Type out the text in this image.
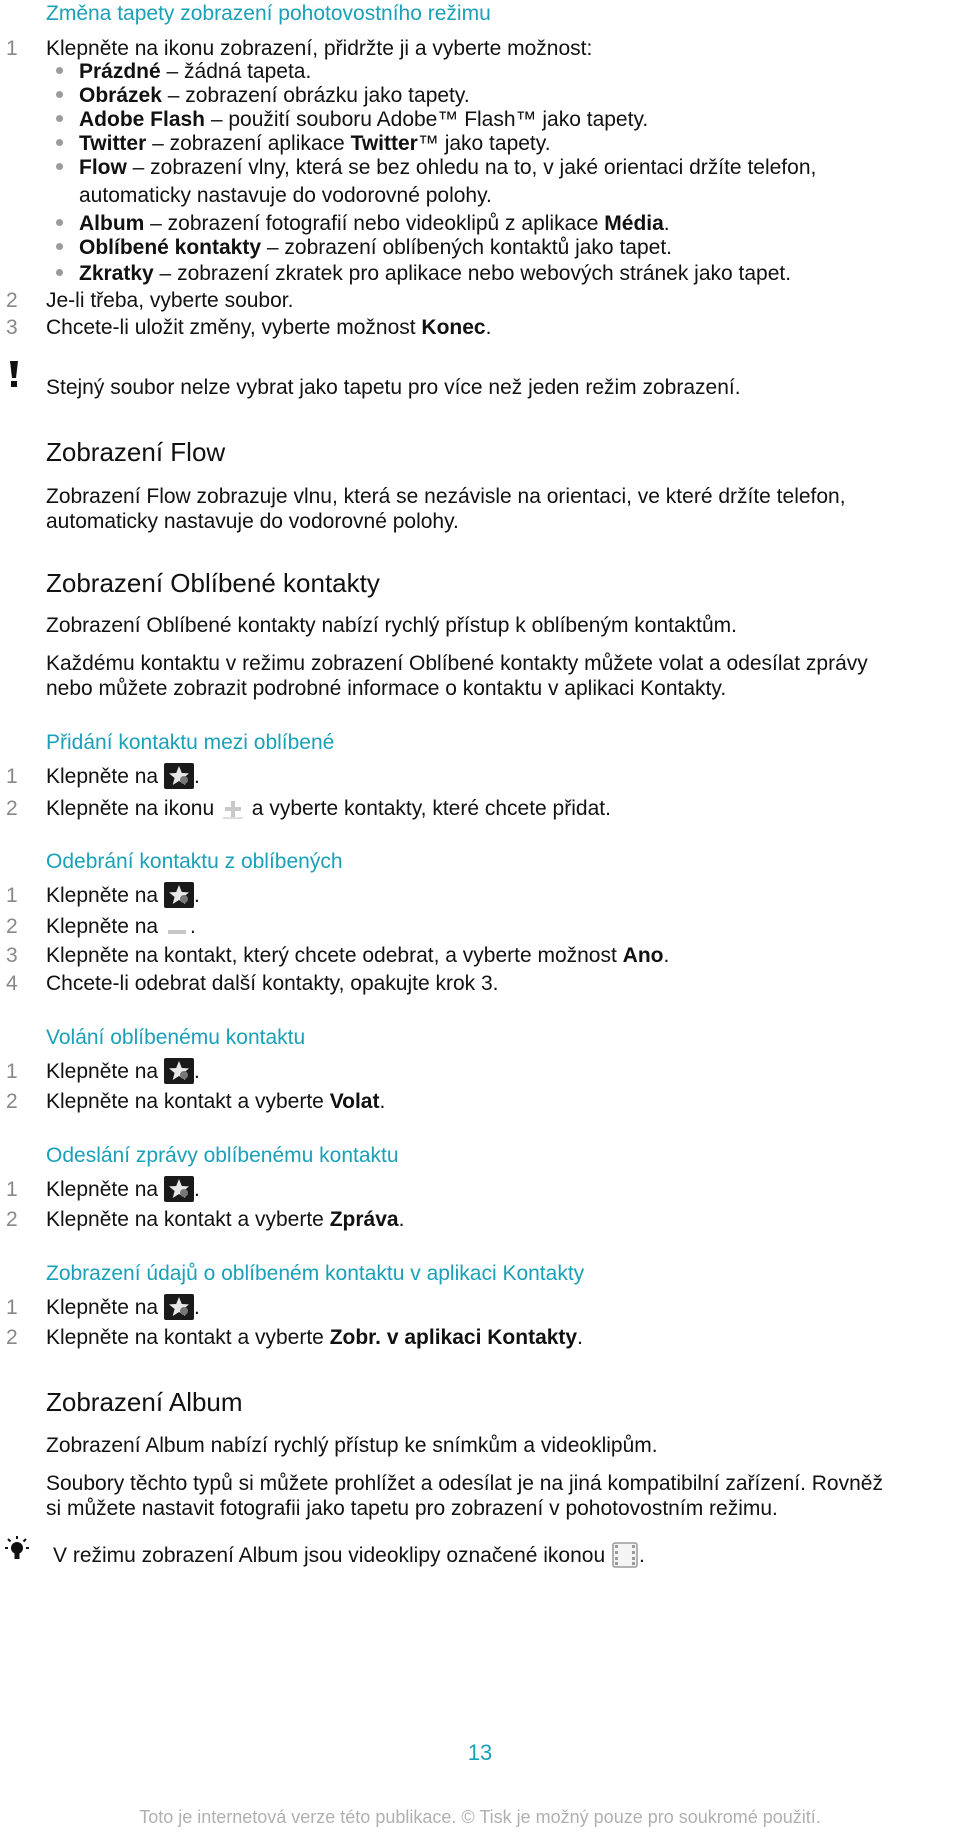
Změna tapety zobrazení pohotovostního režimu
1	Klepněte na ikonu zobrazení, přidržte ji a vyberte možnost:
Prázdné – žádná tapeta.
Obrázek – zobrazení obrázku jako tapety.
Adobe Flash – použití souboru Adobe™ Flash™ jako tapety.
Twitter – zobrazení aplikace Twitter™ jako tapety.
Flow – zobrazení vlny, která se bez ohledu na to, v jaké orientaci držíte telefon,
automaticky nastavuje do vodorovné polohy.
Album – zobrazení fotografií nebo videoklipů z aplikace Média.
Oblíbené kontakty – zobrazení oblíbených kontaktů jako tapet.
Zkratky – zobrazení zkratek pro aplikace nebo webových stránek jako tapet.
2	Je-li třeba, vyberte soubor.
3	Chcete-li uložit změny, vyberte možnost Konec.
Stejný soubor nelze vybrat jako tapetu pro více než jeden režim zobrazení.
Zobrazení Flow
Zobrazení Flow zobrazuje vlnu, která se nezávisle na orientaci, ve které držíte telefon,
automaticky nastavuje do vodorovné polohy.
Zobrazení Oblíbené kontakty
Zobrazení Oblíbené kontakty nabízí rychlý přístup k oblíbeným kontaktům.
Každému kontaktu v režimu zobrazení Oblíbené kontakty můžete volat a odesílat zprávy
nebo můžete zobrazit podrobné informace o kontaktu v aplikaci Kontakty.
Přidání kontaktu mezi oblíbené
1	Klepněte na
.
2	Klepněte na ikonu  a vyberte kontakty, které chcete přidat.
Odebrání kontaktu z oblíbených
1	Klepněte na
.
2	Klepněte na .
3	Klepněte na kontakt, který chcete odebrat, a vyberte možnost Ano.
4	Chcete-li odebrat další kontakty, opakujte krok 3.
Volání oblíbenému kontaktu
1	Klepněte na
.
2	Klepněte na kontakt a vyberte Volat.
Odeslání zprávy oblíbenému kontaktu
1	Klepněte na
.
2	Klepněte na kontakt a vyberte Zpráva.
Zobrazení údajů o oblíbeném kontaktu v aplikaci Kontakty
1	Klepněte na
.
2	Klepněte na kontakt a vyberte Zobr. v aplikaci Kontakty.
Zobrazení Album
Zobrazení Album nabízí rychlý přístup ke snímkům a videoklipům.
Soubory těchto typů si můžete prohlížet a odesílat je na jiná kompatibilní zařízení. Rovněž
si můžete nastavit fotografii jako tapetu pro zobrazení v pohotovostním režimu.
V režimu zobrazení Album jsou videoklipy označené ikonou .
13
Toto je internetová verze této publikace. © Tisk je možný pouze pro soukromé použití.
